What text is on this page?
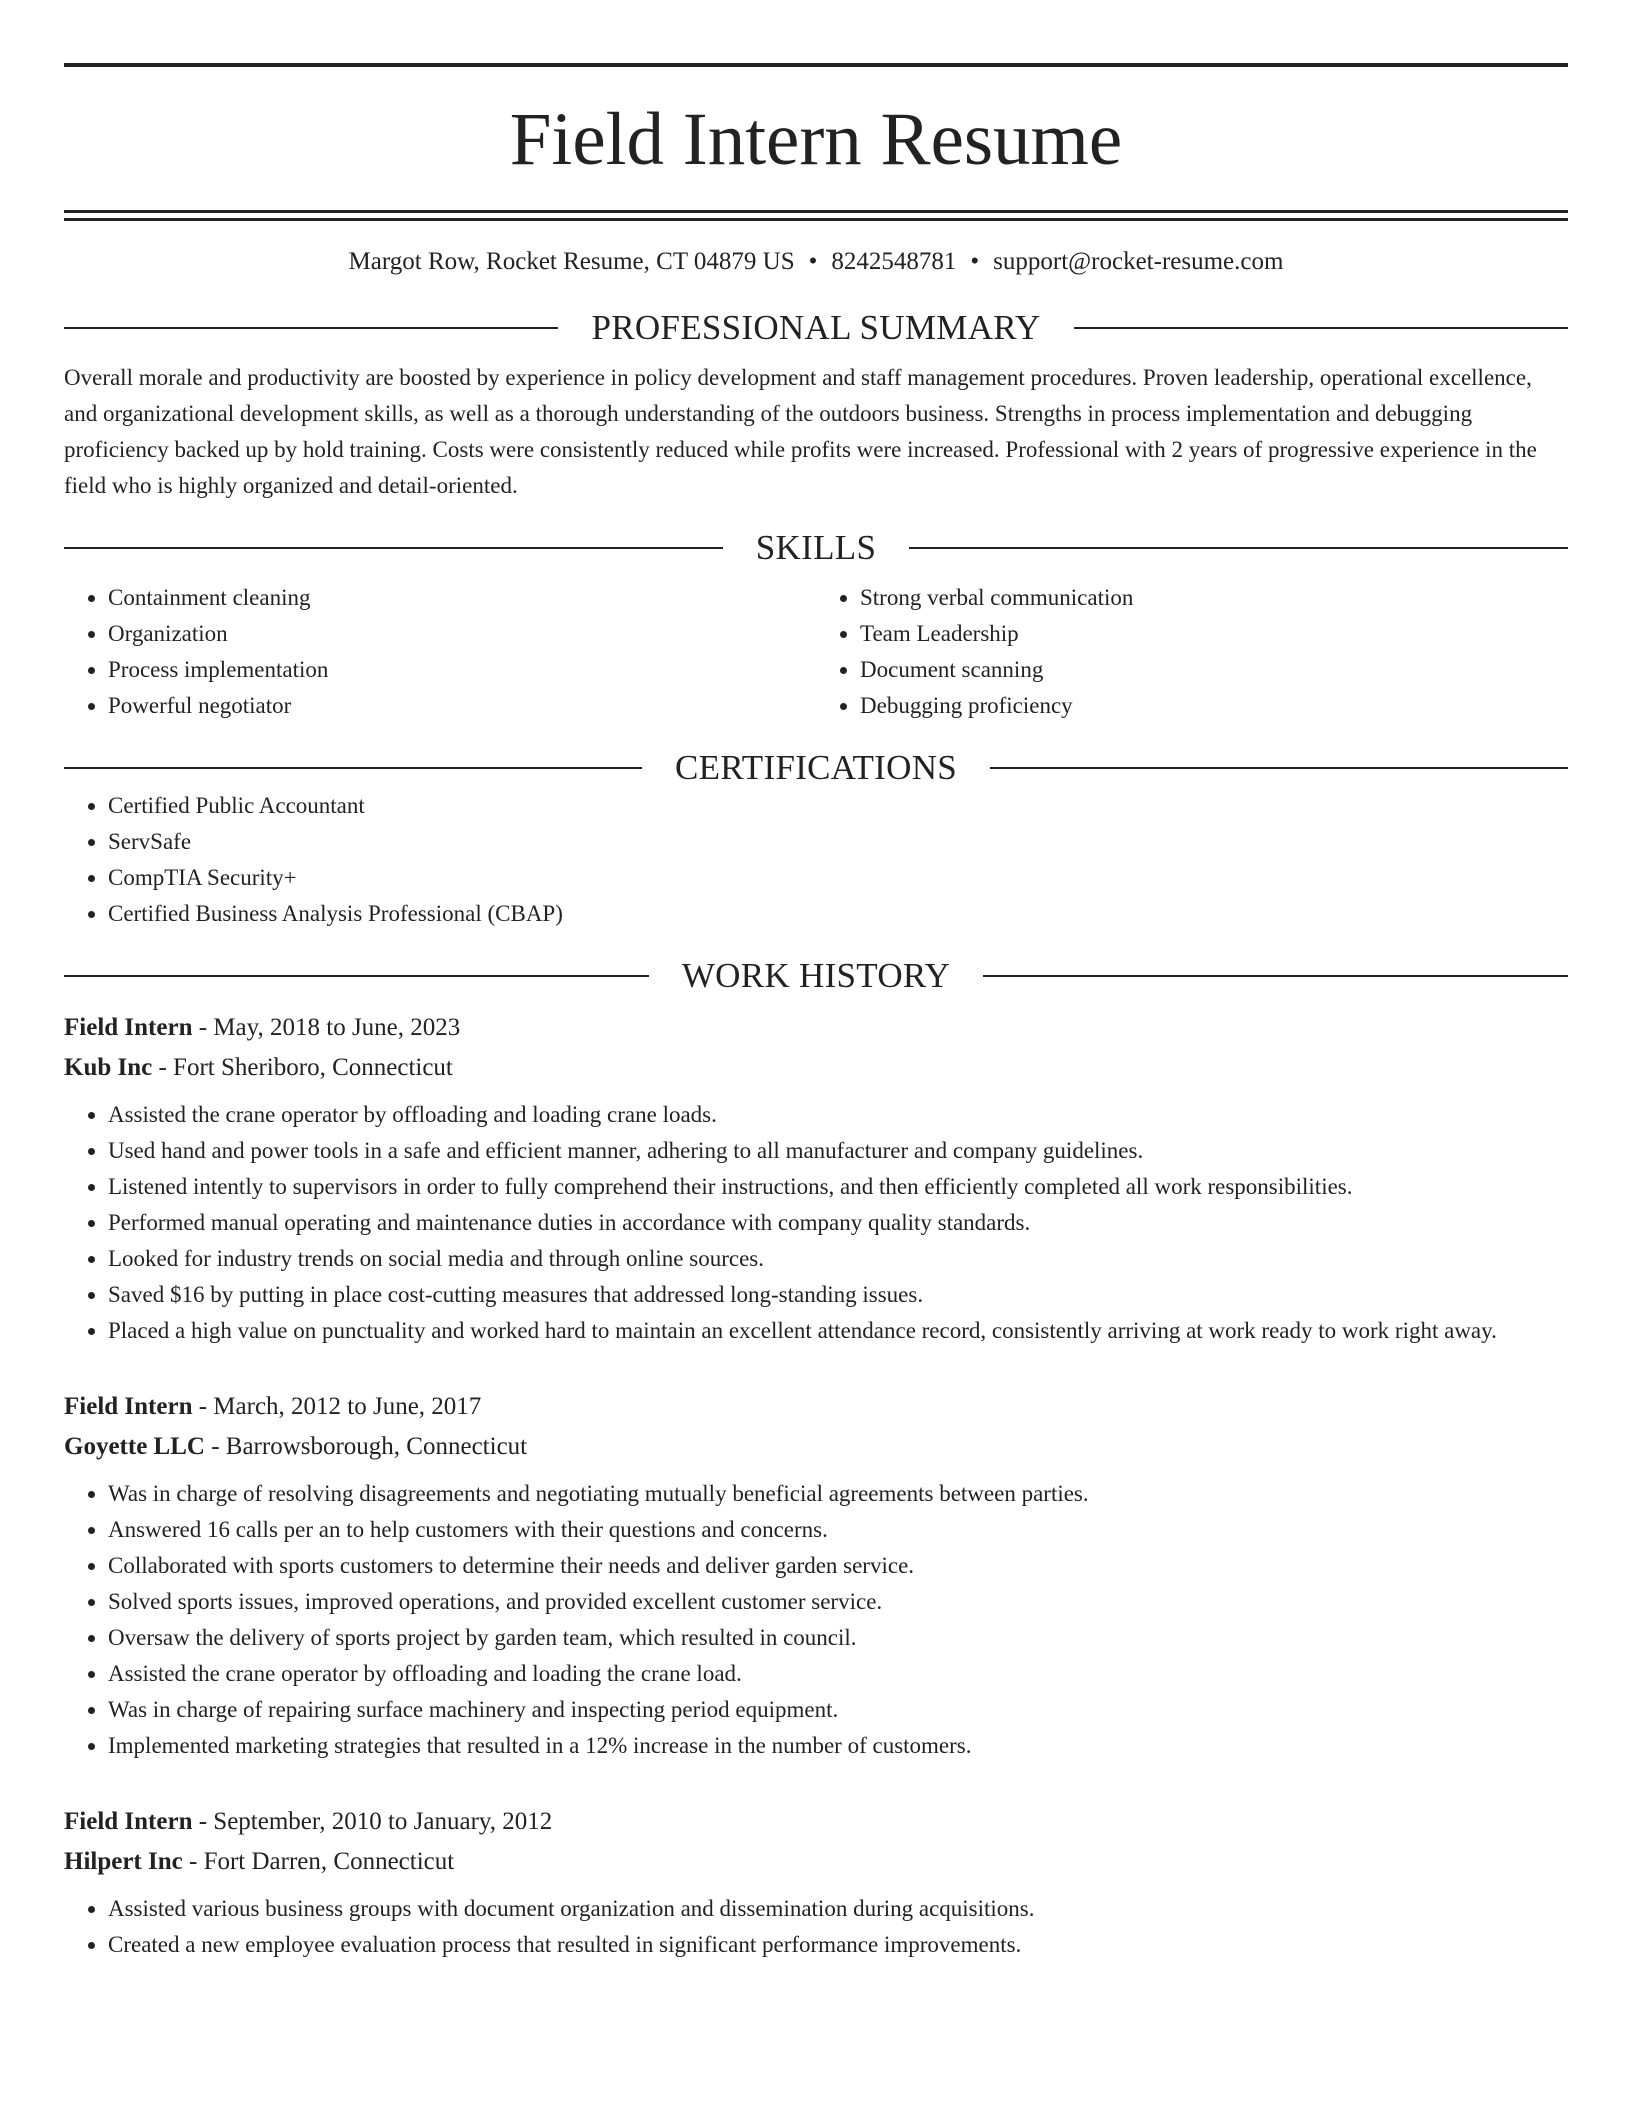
Field Intern Resume
Margot Row, Rocket Resume, CT 04879 US • 8242548781 • support@rocket-resume.com
PROFESSIONAL SUMMARY

Overall morale and productivity are boosted by experience in policy development and staff management procedures. Proven leadership, operational excellence, and organizational development skills, as well as a thorough understanding of the outdoors business. Strengths in process implementation and debugging proficiency backed up by hold training. Costs were consistently reduced while profits were increased. Professional with 2 years of progressive experience in the field who is highly organized and detail-oriented.

SKILLS
• Containment cleaning
• Organization
• Process implementation
• Powerful negotiator
• Strong verbal communication
• Team Leadership
• Document scanning
• Debugging proficiency
CERTIFICATIONS
• Certified Public Accountant
• ServSafe
• CompTIA Security+
• Certified Business Analysis Professional (CBAP)
WORK HISTORY
Field Intern - May, 2018 to June, 2023
Kub Inc - Fort Sheriboro, Connecticut
• Assisted the crane operator by offloading and loading crane loads.
• Used hand and power tools in a safe and efficient manner, adhering to all manufacturer and company guidelines.
• Listened intently to supervisors in order to fully comprehend their instructions, and then efficiently completed all work responsibilities.
• Performed manual operating and maintenance duties in accordance with company quality standards.
• Looked for industry trends on social media and through online sources.
• Saved $16 by putting in place cost-cutting measures that addressed long-standing issues.
• Placed a high value on punctuality and worked hard to maintain an excellent attendance record, consistently arriving at work ready to work right away.
Field Intern - March, 2012 to June, 2017
Goyette LLC - Barrowsborough, Connecticut
• Was in charge of resolving disagreements and negotiating mutually beneficial agreements between parties.
• Answered 16 calls per an to help customers with their questions and concerns.
• Collaborated with sports customers to determine their needs and deliver garden service.
• Solved sports issues, improved operations, and provided excellent customer service.
• Oversaw the delivery of sports project by garden team, which resulted in council.
• Assisted the crane operator by offloading and loading the crane load.
• Was in charge of repairing surface machinery and inspecting period equipment.
• Implemented marketing strategies that resulted in a 12% increase in the number of customers.
Field Intern - September, 2010 to January, 2012
Hilpert Inc - Fort Darren, Connecticut
• Assisted various business groups with document organization and dissemination during acquisitions.
• Created a new employee evaluation process that resulted in significant performance improvements.
